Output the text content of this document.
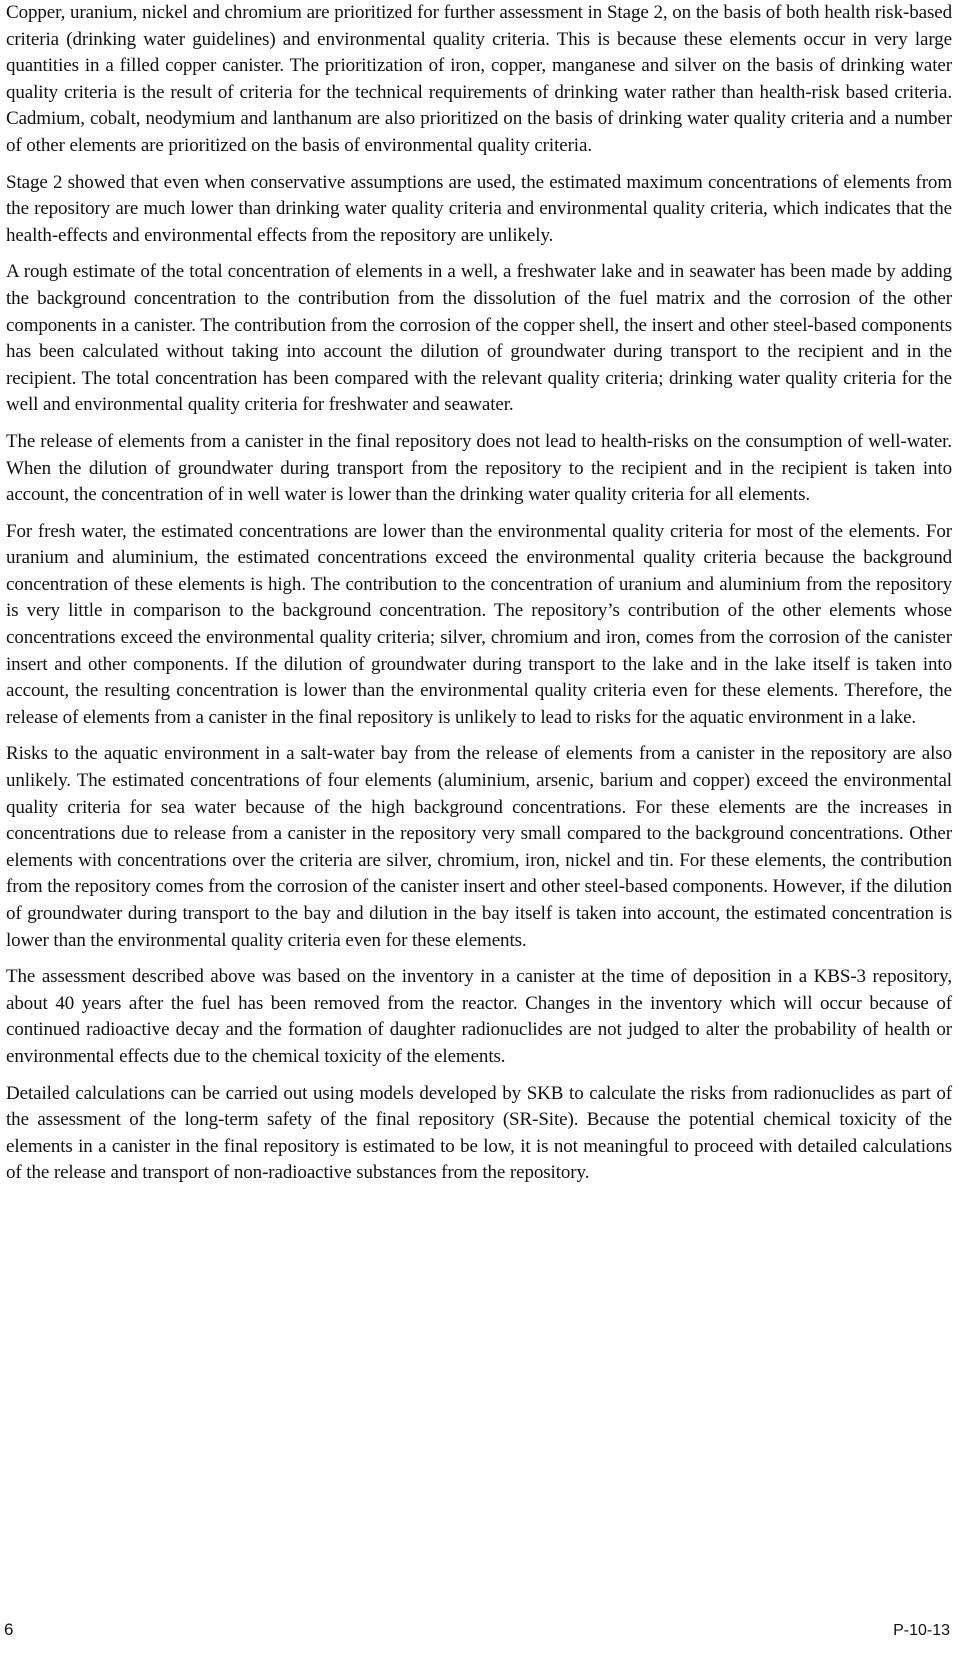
Copper, uranium, nickel and chromium are prioritized for further assessment in Stage 2, on the basis of both health risk-based criteria (drinking water guidelines) and environmental quality criteria. This is because these elements occur in very large quantities in a filled copper canister. The prioritization of iron, copper, manganese and silver on the basis of drinking water quality criteria is the result of criteria for the technical requirements of drinking water rather than health-risk based criteria. Cadmium, cobalt, neodymium and lanthanum are also prioritized on the basis of drinking water quality criteria and a number of other elements are prioritized on the basis of environmental quality criteria.

Stage 2 showed that even when conservative assumptions are used, the estimated maximum concentrations of elements from the repository are much lower than drinking water quality criteria and environmental quality criteria, which indicates that the health-effects and environmental effects from the repository are unlikely.

A rough estimate of the total concentration of elements in a well, a freshwater lake and in seawater has been made by adding the background concentration to the contribution from the dissolution of the fuel matrix and the corrosion of the other components in a canister. The contribution from the corrosion of the copper shell, the insert and other steel-based components has been calculated without taking into account the dilution of groundwater during transport to the recipient and in the recipient. The total concentration has been compared with the relevant quality criteria; drinking water quality criteria for the well and environmental quality criteria for freshwater and seawater.

The release of elements from a canister in the final repository does not lead to health-risks on the consumption of well-water. When the dilution of groundwater during transport from the repository to the recipient and in the recipient is taken into account, the concentration of in well water is lower than the drinking water quality criteria for all elements.

For fresh water, the estimated concentrations are lower than the environmental quality criteria for most of the elements. For uranium and aluminium, the estimated concentrations exceed the environmental quality criteria because the background concentration of these elements is high. The contribution to the concentration of uranium and aluminium from the repository is very little in comparison to the background concentration. The repository’s contribution of the other elements whose concentrations exceed the environmental quality criteria; silver, chromium and iron, comes from the corrosion of the canister insert and other components. If the dilution of groundwater during transport to the lake and in the lake itself is taken into account, the resulting concentration is lower than the environmental quality criteria even for these elements. Therefore, the release of elements from a canister in the final repository is unlikely to lead to risks for the aquatic environment in a lake.

Risks to the aquatic environment in a salt-water bay from the release of elements from a canister in the repository are also unlikely. The estimated concentrations of four elements (aluminium, arsenic, barium and copper) exceed the environmental quality criteria for sea water because of the high background concentrations. For these elements are the increases in concentrations due to release from a canister in the repository very small compared to the background concentrations. Other elements with concentrations over the criteria are silver, chromium, iron, nickel and tin. For these elements, the contribution from the repository comes from the corrosion of the canister insert and other steel-based components. However, if the dilution of groundwater during transport to the bay and dilution in the bay itself is taken into account, the estimated concentration is lower than the environmental quality criteria even for these elements.

The assessment described above was based on the inventory in a canister at the time of deposition in a KBS-3 repository, about 40 years after the fuel has been removed from the reactor. Changes in the inventory which will occur because of continued radioactive decay and the formation of daughter radionuclides are not judged to alter the probability of health or environmental effects due to the chemical toxicity of the elements.

Detailed calculations can be carried out using models developed by SKB to calculate the risks from radionuclides as part of the assessment of the long-term safety of the final repository (SR-Site). Because the potential chemical toxicity of the elements in a canister in the final repository is estimated to be low, it is not meaningful to proceed with detailed calculations of the release and transport of non-radioactive substances from the repository.

6	P-10-13
